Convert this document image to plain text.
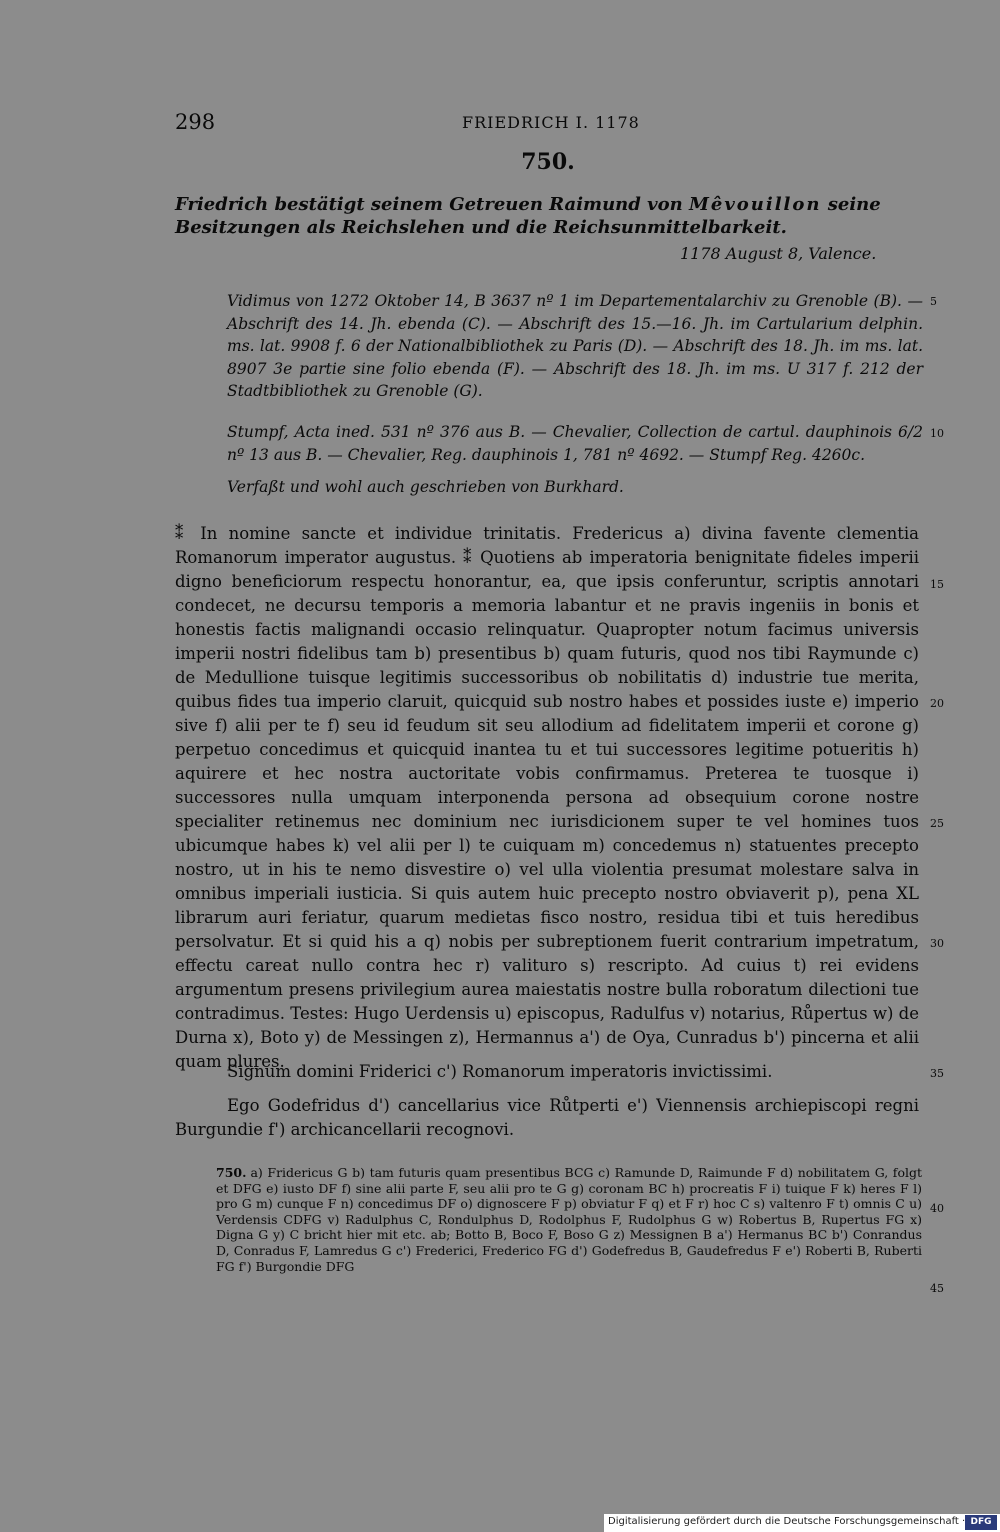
298	FRIEDRICH I. 1178
750.
Friedrich bestätigt seinem Getreuen Raimund von Mêvouillon seine Besitzungen als Reichslehen und die Reichsunmittelbarkeit.
1178 August 8, Valence.
Vidimus von 1272 Oktober 14, B 3637 nº 1 im Departementalarchiv zu Grenoble (B). — Abschrift des 14. Jh. ebenda (C). — Abschrift des 15.—16. Jh. im Cartularium delphin. ms. lat. 9908 f. 6 der Nationalbibliothek zu Paris (D). — Abschrift des 18. Jh. im ms. lat. 8907 3e partie sine folio ebenda (F). — Abschrift des 18. Jh. im ms. U 317 f. 212 der Stadtbibliothek zu Grenoble (G).
Stumpf, Acta ined. 531 nº 376 aus B. — Chevalier, Collection de cartul. dauphinois 6/2 nº 13 aus B. — Chevalier, Reg. dauphinois 1, 781 nº 4692. — Stumpf Reg. 4260c.
Verfaßt und wohl auch geschrieben von Burkhard.
⁑ In nomine sancte et individue trinitatis. Fredericus a) divina favente clementia Romanorum imperator augustus. ⁑ Quotiens ab imperatoria benignitate fideles imperii digno beneficiorum respectu honorantur, ea, que ipsis conferuntur, scriptis annotari condecet, ne decursu temporis a memoria labantur et ne pravis ingeniis in bonis et honestis factis malignandi occasio relinquatur. Quapropter notum facimus universis imperii nostri fidelibus tam b) presentibus b) quam futuris, quod nos tibi Raymunde c) de Medullione tuisque legitimis successoribus ob nobilitatis d) industrie tue merita, quibus fides tua imperio claruit, quicquid sub nostro habes et possides iuste e) imperio sive f) alii per te f) seu id feudum sit seu allodium ad fidelitatem imperii et corone g) perpetuo concedimus et quicquid inantea tu et tui successores legitime potueritis h) aquirere et hec nostra auctoritate vobis confirmamus. Preterea te tuosque i) successores nulla umquam interponenda persona ad obsequium corone nostre specialiter retinemus nec dominium nec iurisdicionem super te vel homines tuos ubicumque habes k) vel alii per l) te cuiquam m) concedemus n) statuentes precepto nostro, ut in his te nemo disvestire o) vel ulla violentia presumat molestare salva in omnibus imperiali iusticia. Si quis autem huic precepto nostro obviaverit p), pena XL librarum auri feriatur, quarum medietas fisco nostro, residua tibi et tuis heredibus persolvatur. Et si quid his a q) nobis per subreptionem fuerit contrarium impetratum, effectu careat nullo contra hec r) valituro s) rescripto. Ad cuius t) rei evidens argumentum presens privilegium aurea maiestatis nostre bulla roboratum dilectioni tue contradimus. Testes: Hugo Uerdensis u) episcopus, Radulfus v) notarius, Růpertus w) de Durna x), Boto y) de Messingen z), Hermannus a') de Oya, Cunradus b') pincerna et alii quam plures.
Signum domini Friderici c') Romanorum imperatoris invictissimi.
Ego Godefridus d') cancellarius vice Růtperti e') Viennensis archiepiscopi regni Burgundie f') archicancellarii recognovi.
750. a) Fridericus G b) tam futuris quam presentibus BCG c) Ramunde D, Raimunde F d) nobilitatem G, folgt et DFG e) iusto DF f) sine alii parte F, seu alii pro te G g) coronam BC h) procreatis F i) tuique F k) heres F l) pro G m) cunque F n) concedimus DF o) dignoscere F p) obviatur F q) et F r) hoc C s) valtenro F t) omnis C u) Verdensis CDFG v) Radulphus C, Rondulphus D, Rodolphus F, Rudolphus G w) Robertus B, Rupertus FG x) Digna G y) C bricht hier mit etc. ab; Botto B, Boco F, Boso G z) Messignen B a') Hermanus BC b') Conrandus D, Conradus F, Lamredus G c') Frederici, Frederico FG d') Godefredus B, Gaudefredus F e') Roberti B, Ruberti FG f') Burgondie DFG
5
10
15
20
25
30
35
40
45
Digitalisierung gefördert durch die Deutsche Forschungsgemeinschaft · DFG
